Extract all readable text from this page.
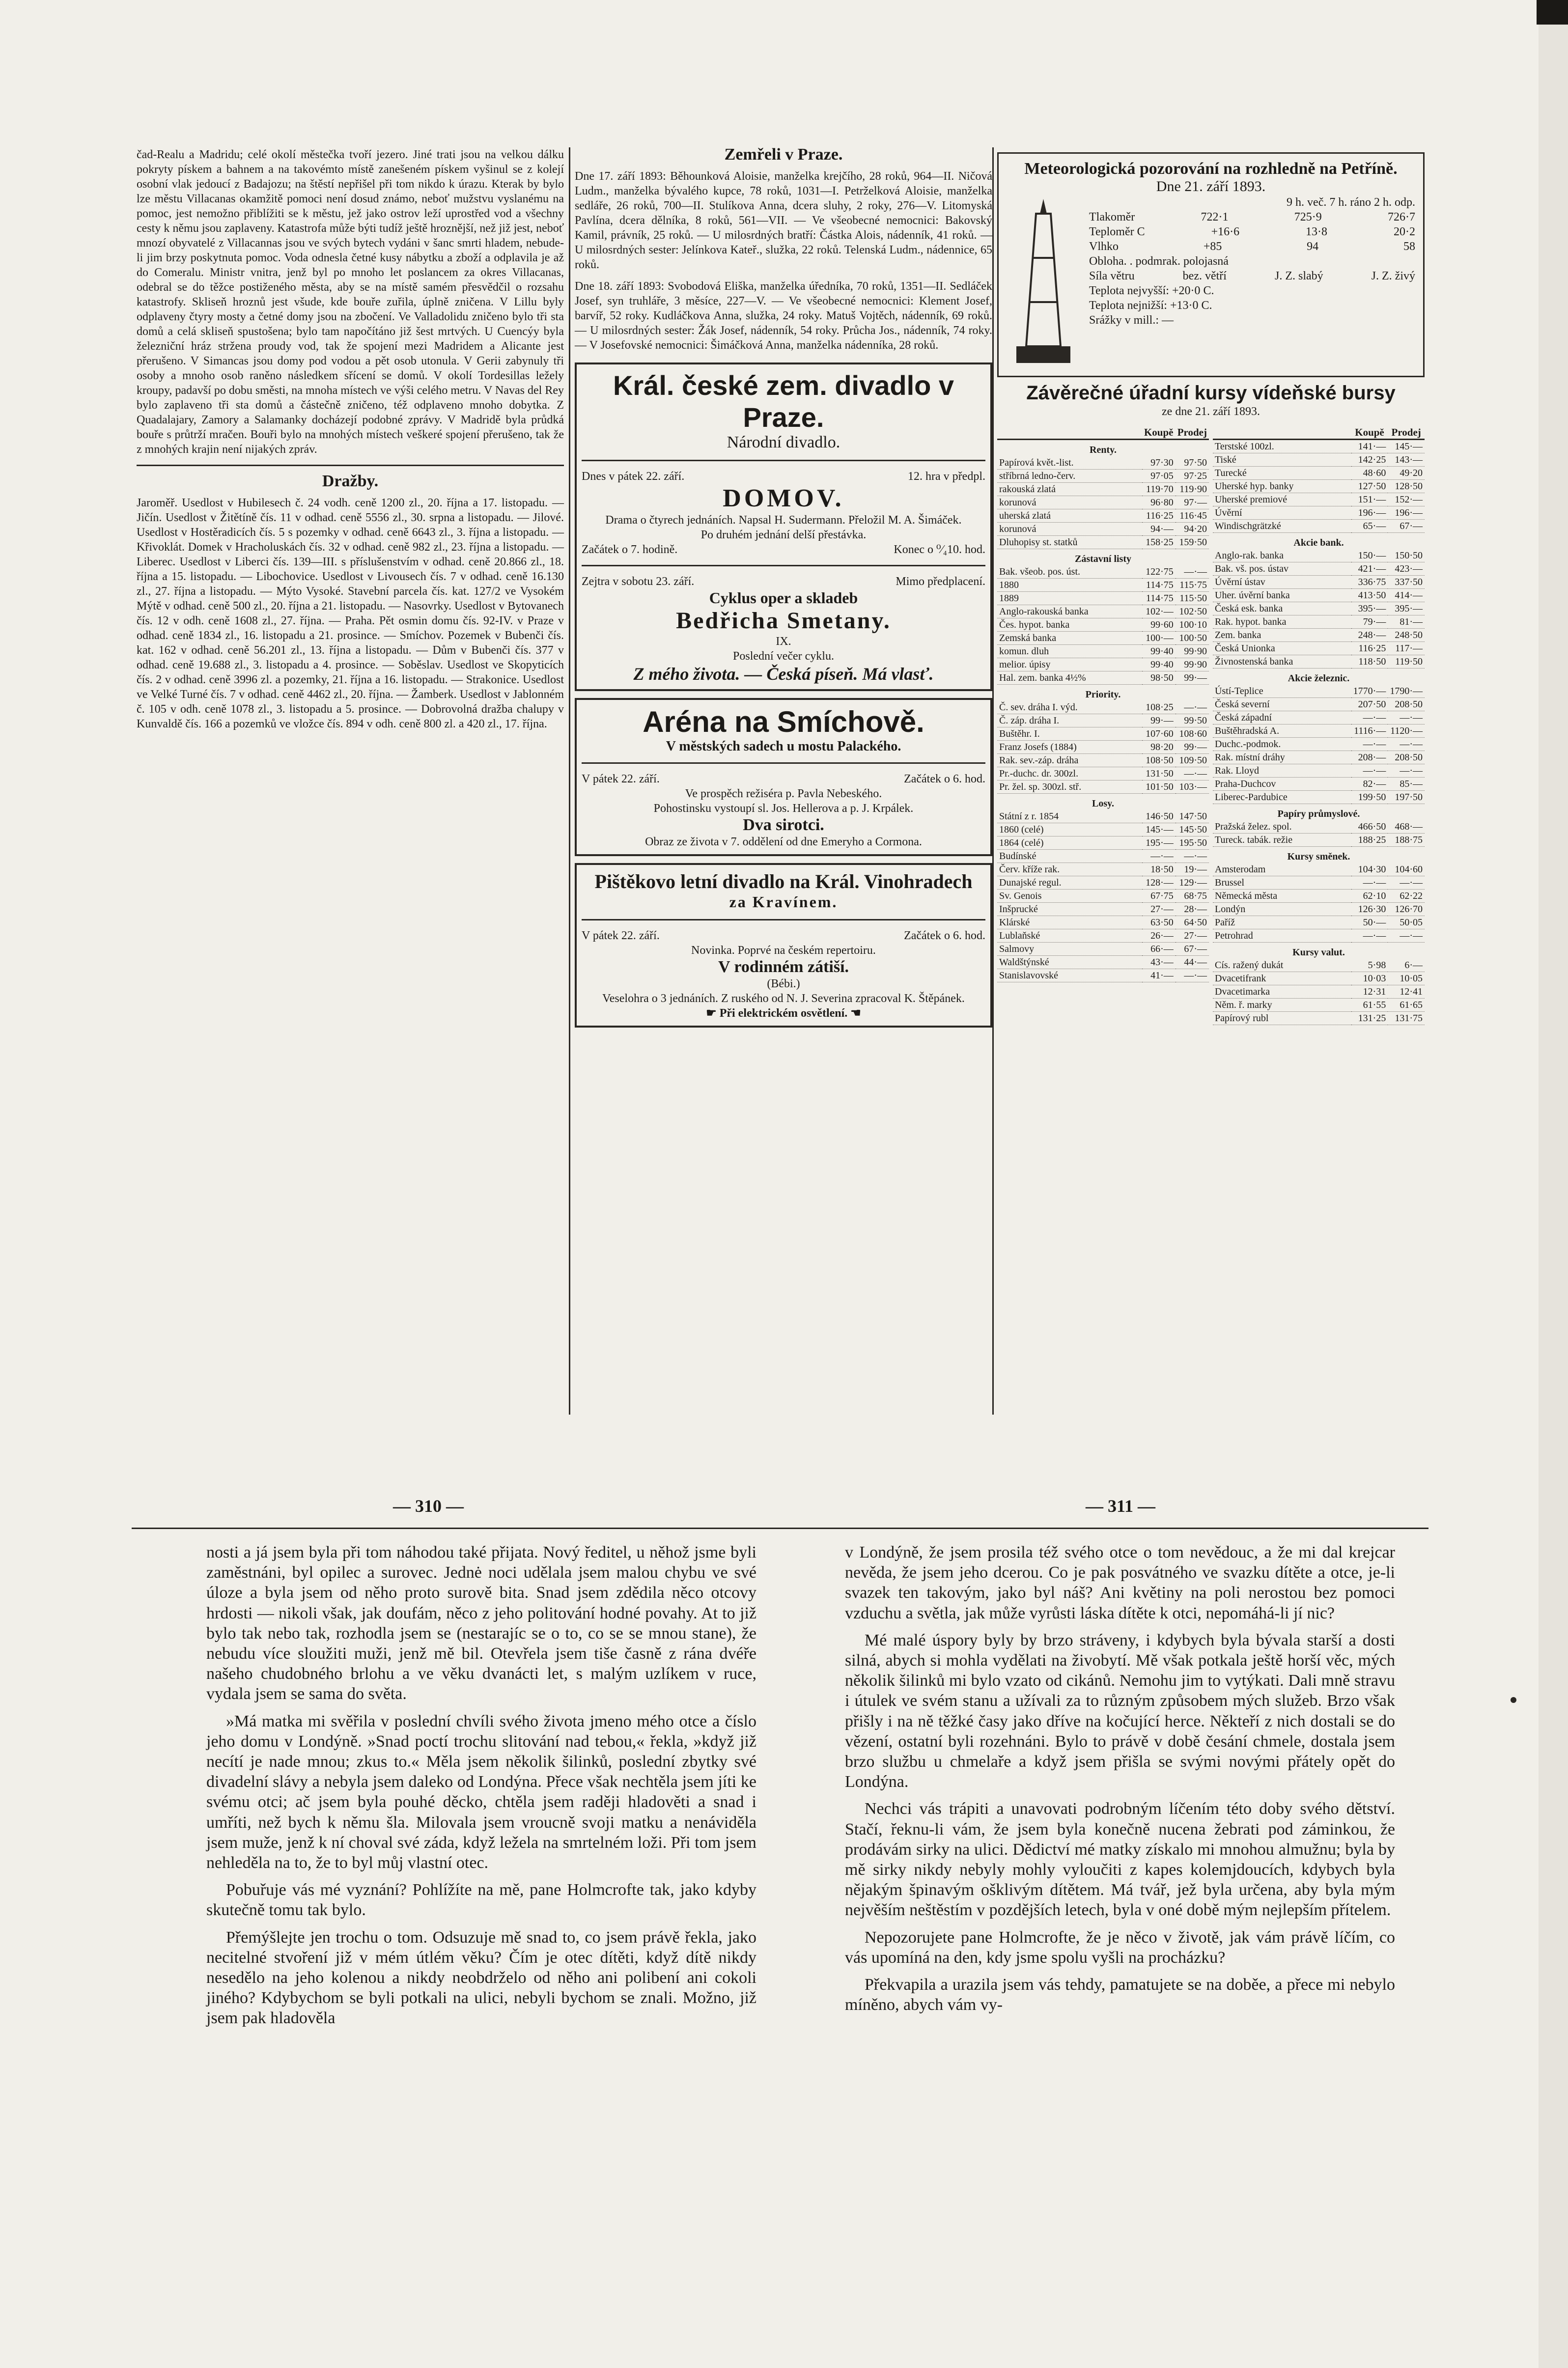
čad-Realu a Madridu; celé okolí městečka tvoří jezero. Jiné trati jsou na velkou dálku pokryty pískem a bahnem a na takovémto místě zanešeném pískem vyšinul se z kolejí osobní vlak jedoucí z Badajozu; na štěstí nepřišel při tom nikdo k úrazu. Kterak by bylo lze městu Villacanas okamžitě pomoci není dosud známo, neboť mužstvu vyslanému na pomoc, jest nemožno přiblížiti se k městu, jež jako ostrov leží uprostřed vod a všechny cesty k němu jsou zaplaveny. Katastrofa může býti tudíž ještě hroznější, než již jest, neboť mnozí obyvatelé z Villacannas jsou ve svých bytech vydáni v šanc smrti hladem, nebude-li jim brzy poskytnuta pomoc. Voda odnesla četné kusy nábytku a zboží a odplavila je až do Comeralu. Ministr vnitra, jenž byl po mnoho let poslancem za okres Villacanas, odebral se do těžce postiženého města, aby se na místě samém přesvědčil o rozsahu katastrofy. Skliseň hroznů jest všude, kde bouře zuřila, úplně zničena. V Lillu byly odplaveny čtyry mosty a četné domy jsou na zbočení. Ve Valladolidu zničeno bylo tři sta domů a celá skliseň spustošena; bylo tam napočítáno již šest mrtvých. U Cuencýy byla železniční hráz stržena proudy vod, tak že spojení mezi Madridem a Alicante jest přerušeno. V Simancas jsou domy pod vodou a pět osob utonula. V Gerii zabynuly tři osoby a mnoho osob raněno následkem sřícení se domů. V okolí Tordesillas ležely kroupy, padavší po dobu směsti, na mnoha místech ve výši celého metru. V Navas del Rey bylo zaplaveno tři sta domů a částečně zničeno, též odplaveno mnoho dobytka. Z Quadalajary, Zamory a Salamanky docházejí podobné zprávy. V Madridě byla průdká bouře s průtrží mračen. Bouři bylo na mnohých místech veškeré spojení přerušeno, tak že z mnohých krajin není nijakých zpráv.

Dražby.

Jaroměř. Usedlost v Hubilesech č. 24 vodh. ceně 1200 zl., 20. října a 17. listopadu. — Jičín. Usedlost v Žitětíně čís. 11 v odhad. ceně 5556 zl., 30. srpna a listopadu. — Jilové. Usedlost v Hostěradicích čís. 5 s pozemky v odhad. ceně 6643 zl., 3. října a listopadu. — Křivoklát. Domek v Hracholuskách čís. 32 v odhad. ceně 982 zl., 23. října a listopadu. — Liberec. Usedlost v Liberci čís. 139—III. s příslušenstvím v odhad. ceně 20.866 zl., 18. října a 15. listopadu. — Libochovice. Usedlost v Livousech čís. 7 v odhad. ceně 16.130 zl., 27. října a listopadu. — Mýto Vysoké. Stavební parcela čís. kat. 127/2 ve Vysokém Mýtě v odhad. ceně 500 zl., 20. října a 21. listopadu. — Nasovrky. Usedlost v Bytovanech čís. 12 v odh. ceně 1608 zl., 27. října. — Praha. Pět osmin domu čís. 92-IV. v Praze v odhad. ceně 1834 zl., 16. listopadu a 21. prosince. — Smíchov. Pozemek v Bubenči čís. kat. 162 v odhad. ceně 56.201 zl., 13. října a listopadu. — Dům v Bubenči čís. 377 v odhad. ceně 19.688 zl., 3. listopadu a 4. prosince. — Soběslav. Usedlost ve Skopyticích čís. 2 v odhad. ceně 3996 zl. a pozemky, 21. října a 16. listopadu. — Strakonice. Usedlost ve Velké Turné čís. 7 v odhad. ceně 4462 zl., 20. října. — Žamberk. Usedlost v Jablonném č. 105 v odh. ceně 1078 zl., 3. listopadu a 5. prosince. — Dobrovolná dražba chalupy v Kunvaldě čís. 166 a pozemků ve vložce čís. 894 v odh. ceně 800 zl. a 420 zl., 17. října.

Zemřeli v Praze.

Dne 17. září 1893: Běhounková Aloisie, manželka krejčího, 28 roků, 964—II. Ničová Ludm., manželka bývalého kupce, 78 roků, 1031—I. Petrželková Aloisie, manželka sedláře, 26 roků, 700—II. Stulíkova Anna, dcera sluhy, 2 roky, 276—V. Litomyská Pavlína, dcera dělníka, 8 roků, 561—VII. — Ve všeobecné nemocnici: Bakovský Kamil, právník, 25 roků. — U milosrdných bratří: Částka Alois, nádenník, 41 roků. — U milosrdných sester: Jelínkova Kateř., služka, 22 roků. Telenská Ludm., nádennice, 65 roků.

Dne 18. září 1893: Svobodová Eliška, manželka úředníka, 70 roků, 1351—II. Sedláček Josef, syn truhláře, 3 měsíce, 227—V. — Ve všeobecné nemocnici: Klement Josef, barvíř, 52 roky. Kudláčkova Anna, služka, 24 roky. Matuš Vojtěch, nádenník, 69 roků. — U milosrdných sester: Žák Josef, nádenník, 54 roky. Průcha Jos., nádenník, 74 roky. — V Josefovské nemocnici: Šimáčková Anna, manželka nádenníka, 28 roků.

Král. české zem. divadlo v Praze.
Národní divadlo.
Dnes v pátek 22. září.	12. hra v předpl.
DOMOV.
Drama o čtyrech jednáních. Napsal H. Sudermann. Přeložil M. A. Šimáček.
Po druhém jednání delší přestávka.
Začátek o 7. hodině.	Konec o ⁰⁄₄10. hod.
Zejtra v sobotu 23. září.	Mimo předplacení.
Cyklus oper a skladeb
Bedřicha Smetany.
IX.
Poslední večer cyklu.
Z mého života. — Česká píseň. Má vlasť.
Aréna na Smíchově.
V městských sadech u mostu Palackého.
V pátek 22. září.	Začátek o 6. hod.
Ve prospěch režiséra p. Pavla Nebeského.
Pohostinsku vystoupí sl. Jos. Hellerova a p. J. Krpálek.
Dva sirotci.
Obraz ze života v 7. oddělení od dne Emeryho a Cormona.
Pištěkovo letní divadlo na Král. Vinohradech
za Kravínem.
V pátek 22. září.	Začátek o 6. hod.
Novinka. Poprvé na českém repertoiru.
V rodinném zátiší.
(Bébi.)
Veselohra o 3 jednáních. Z ruského od N. J. Severina zpracoval K. Štěpánek.
☛ Při elektrickém osvětlení. ☚
Meteorologická pozorování na rozhledně na Petříně.
Dne 21. září 1893.
9 h. več. 7 h. ráno 2 h. odp.
Tlakoměr	722·1	725·9	726·7
Teploměr C	+16·6	13·8	20·2
Vlhko	+85	94	58
Obloha. . podmrak. polojasná
Síla větru	bez. větří	J. Z. slabý	J. Z. živý
Teplota nejvyšší: +20·0 C.
Teplota nejnižší: +13·0 C.
Srážky v mill.: —
Závěrečné úřadní kursy vídeňské bursy
ze dne 21. září 1893.
	Koupě	Prodej
Renty.		
Papírová květ.-list.	97·30	97·50
stříbrná ledno-červ.	97·05	97·25
rakouská zlatá	119·70	119·90
korunová	96·80	97·—
uherská zlatá	116·25	116·45
korunová	94·—	94·20
Dluhopisy st. statků	158·25	159·50
Zástavní listy		
Bak. všeob. pos. úst.	122·75	—·—
1880	114·75	115·75
1889	114·75	115·50
Anglo-rakouská banka	102·—	102·50
Čes. hypot. banka	99·60	100·10
Zemská banka	100·—	100·50
komun. dluh	99·40	99·90
melior. úpisy	99·40	99·90
Hal. zem. banka 4½%	98·50	99·—
Priority.		
Č. sev. dráha I. výd.	108·25	—·—
Č. záp. dráha I.	99·—	99·50
Buštěhr. I.	107·60	108·60
Franz Josefs (1884)	98·20	99·—
Rak. sev.-záp. dráha	108·50	109·50
Pr.-duchc. dr. 300zl.	131·50	—·—
Pr. žel. sp. 300zl. stř.	101·50	103·—
Losy.		
Státní z r. 1854	146·50	147·50
1860 (celé)	145·—	145·50
1864 (celé)	195·—	195·50
Budínské	—·—	—·—
Červ. kříže rak.	18·50	19·—
Dunajské regul.	128·—	129·—
Sv. Genois	67·75	68·75
Inšprucké	27·—	28·—
Klárské	63·50	64·50
Lublaňské	26·—	27·—
Salmovy	66·—	67·—
Waldštýnské	43·—	44·—
Stanislavovské	41·—	—·—
	Koupě	Prodej
Terstské 100zl.	141·—	145·—
Tiské	142·25	143·—
Turecké	48·60	49·20
Uherské hyp. banky	127·50	128·50
Uherské premiové	151·—	152·—
Úvěrní	196·—	196·—
Windischgrätzké	65·—	67·—
Akcie bank.		
Anglo-rak. banka	150·—	150·50
Bak. vš. pos. ústav	421·—	423·—
Úvěrní ústav	336·75	337·50
Uher. úvěrní banka	413·50	414·—
Česká esk. banka	395·—	395·—
Rak. hypot. banka	79·—	81·—
Zem. banka	248·—	248·50
Česká Unionka	116·25	117·—
Živnostenská banka	118·50	119·50
Akcie železnic.		
Ústí-Teplice	1770·—	1790·—
Česká severní	207·50	208·50
Česká západní	—·—	—·—
Buštěhradská A.	1116·—	1120·—
Duchc.-podmok.	—·—	—·—
Rak. místní dráhy	208·—	208·50
Rak. Lloyd	—·—	—·—
Praha-Duchcov	82·—	85·—
Liberec-Pardubice	199·50	197·50
Papíry průmyslové.		
Pražská želez. spol.	466·50	468·—
Tureck. tabák. režie	188·25	188·75
Kursy směnek.		
Amsterodam	104·30	104·60
Brussel	—·—	—·—
Německá města	62·10	62·22
Londýn	126·30	126·70
Paříž	50·—	50·05
Petrohrad	—·—	—·—
Kursy valut.		
Cís. ražený dukát	5·98	6·—
Dvacetifrank	10·03	10·05
Dvacetimarka	12·31	12·41
Něm. ř. marky	61·55	61·65
Papírový rubl	131·25	131·75
— 310 —	— 311 —

nosti a já jsem byla při tom náhodou také přijata. Nový ředitel, u něhož jsme byli zaměstnáni, byl opilec a surovec. Jednė noci udělala jsem malou chybu ve své úloze a byla jsem od něho proto surově bita. Snad jsem zdědila něco otcovy hrdosti — nikoli však, jak doufám, něco z jeho politování hodné povahy. At to již bylo tak nebo tak, rozhodla jsem se (nestarajíc se o to, co se se mnou stane), že nebudu více sloužiti muži, jenž mě bil. Otevřela jsem tiše časně z rána dvéře našeho chudobného brlohu a ve věku dvanácti let, s malým uzlíkem v ruce, vydala jsem se sama do světa.

»Má matka mi svěřila v poslední chvíli svého života jmeno mého otce a číslo jeho domu v Londýně. »Snad poctí trochu slitování nad tebou,« řekla, »když již necítí je nade mnou; zkus to.« Měla jsem několik šilinků, poslední zbytky své divadelní slávy a nebyla jsem daleko od Londýna. Přece však nechtěla jsem jíti ke svému otci; ač jsem byla pouhé děcko, chtěla jsem raději hladověti a snad i umříti, než bych k němu šla. Milovala jsem vroucně svoji matku a nenáviděla jsem muže, jenž k ní choval své záda, když ležela na smrtelném loži. Při tom jsem nehleděla na to, že to byl můj vlastní otec.

Pobuřuje vás mé vyznání? Pohlížíte na mě, pane Holmcrofte tak, jako kdyby skutečně tomu tak bylo.

Přemýšlejte jen trochu o tom. Odsuzuje mě snad to, co jsem právě řekla, jako necitelné stvoření již v mém útlém věku? Čím je otec dítěti, když dítě nikdy nesedělo na jeho kolenou a nikdy neobdrželo od něho ani polibení ani cokoli jiného? Kdybychom se byli potkali na ulici, nebyli bychom se znali. Možno, již jsem pak hladověla

v Londýně, že jsem prosila též svého otce o tom nevědouc, a že mi dal krejcar nevěda, že jsem jeho dcerou. Co je pak posvátného ve svazku dítěte a otce, je-li svazek ten takovým, jako byl náš? Ani květiny na poli nerostou bez pomoci vzduchu a světla, jak může vyrůsti láska dítěte k otci, nepomáhá-li jí nic?

Mé malé úspory byly by brzo stráveny, i kdybych byla bývala starší a dosti silná, abych si mohla vydělati na živobytí. Mě však potkala ještě horší věc, mých několik šilinků mi bylo vzato od cikánů. Nemohu jim to vytýkati. Dali mně stravu i útulek ve svém stanu a užívali za to různým způsobem mých služeb. Brzo však přišly i na ně těžké časy jako dříve na kočující herce. Někteří z nich dostali se do vězení, ostatní byli rozehnáni. Bylo to právě v době česání chmele, dostala jsem brzo službu u chmelaře a když jsem přišla se svými novými přátely opět do Londýna.

Nechci vás trápiti a unavovati podrobným líčením této doby svého dětství. Stačí, řeknu-li vám, že jsem byla konečně nucena žebrati pod záminkou, že prodávám sirky na ulici. Dědictví mé matky získalo mi mnohou almužnu; byla by mě sirky nikdy nebyly mohly vyloučiti z kapes kolemjdoucích, kdybych byla nějakým špinavým ošklivým dítětem. Má tvář, jež byla určena, aby byla mým nejvěším neštěstím v pozdějších letech, byla v oné době mým nejlepším přítelem.

Nepozorujete pane Holmcrofte, že je něco v životě, jak vám právě líčím, co vás upomíná na den, kdy jsme spolu vyšli na procházku?

Překvapila a urazila jsem vás tehdy, pamatujete se na doběe, a přece mi nebylo míněno, abych vám vy-
